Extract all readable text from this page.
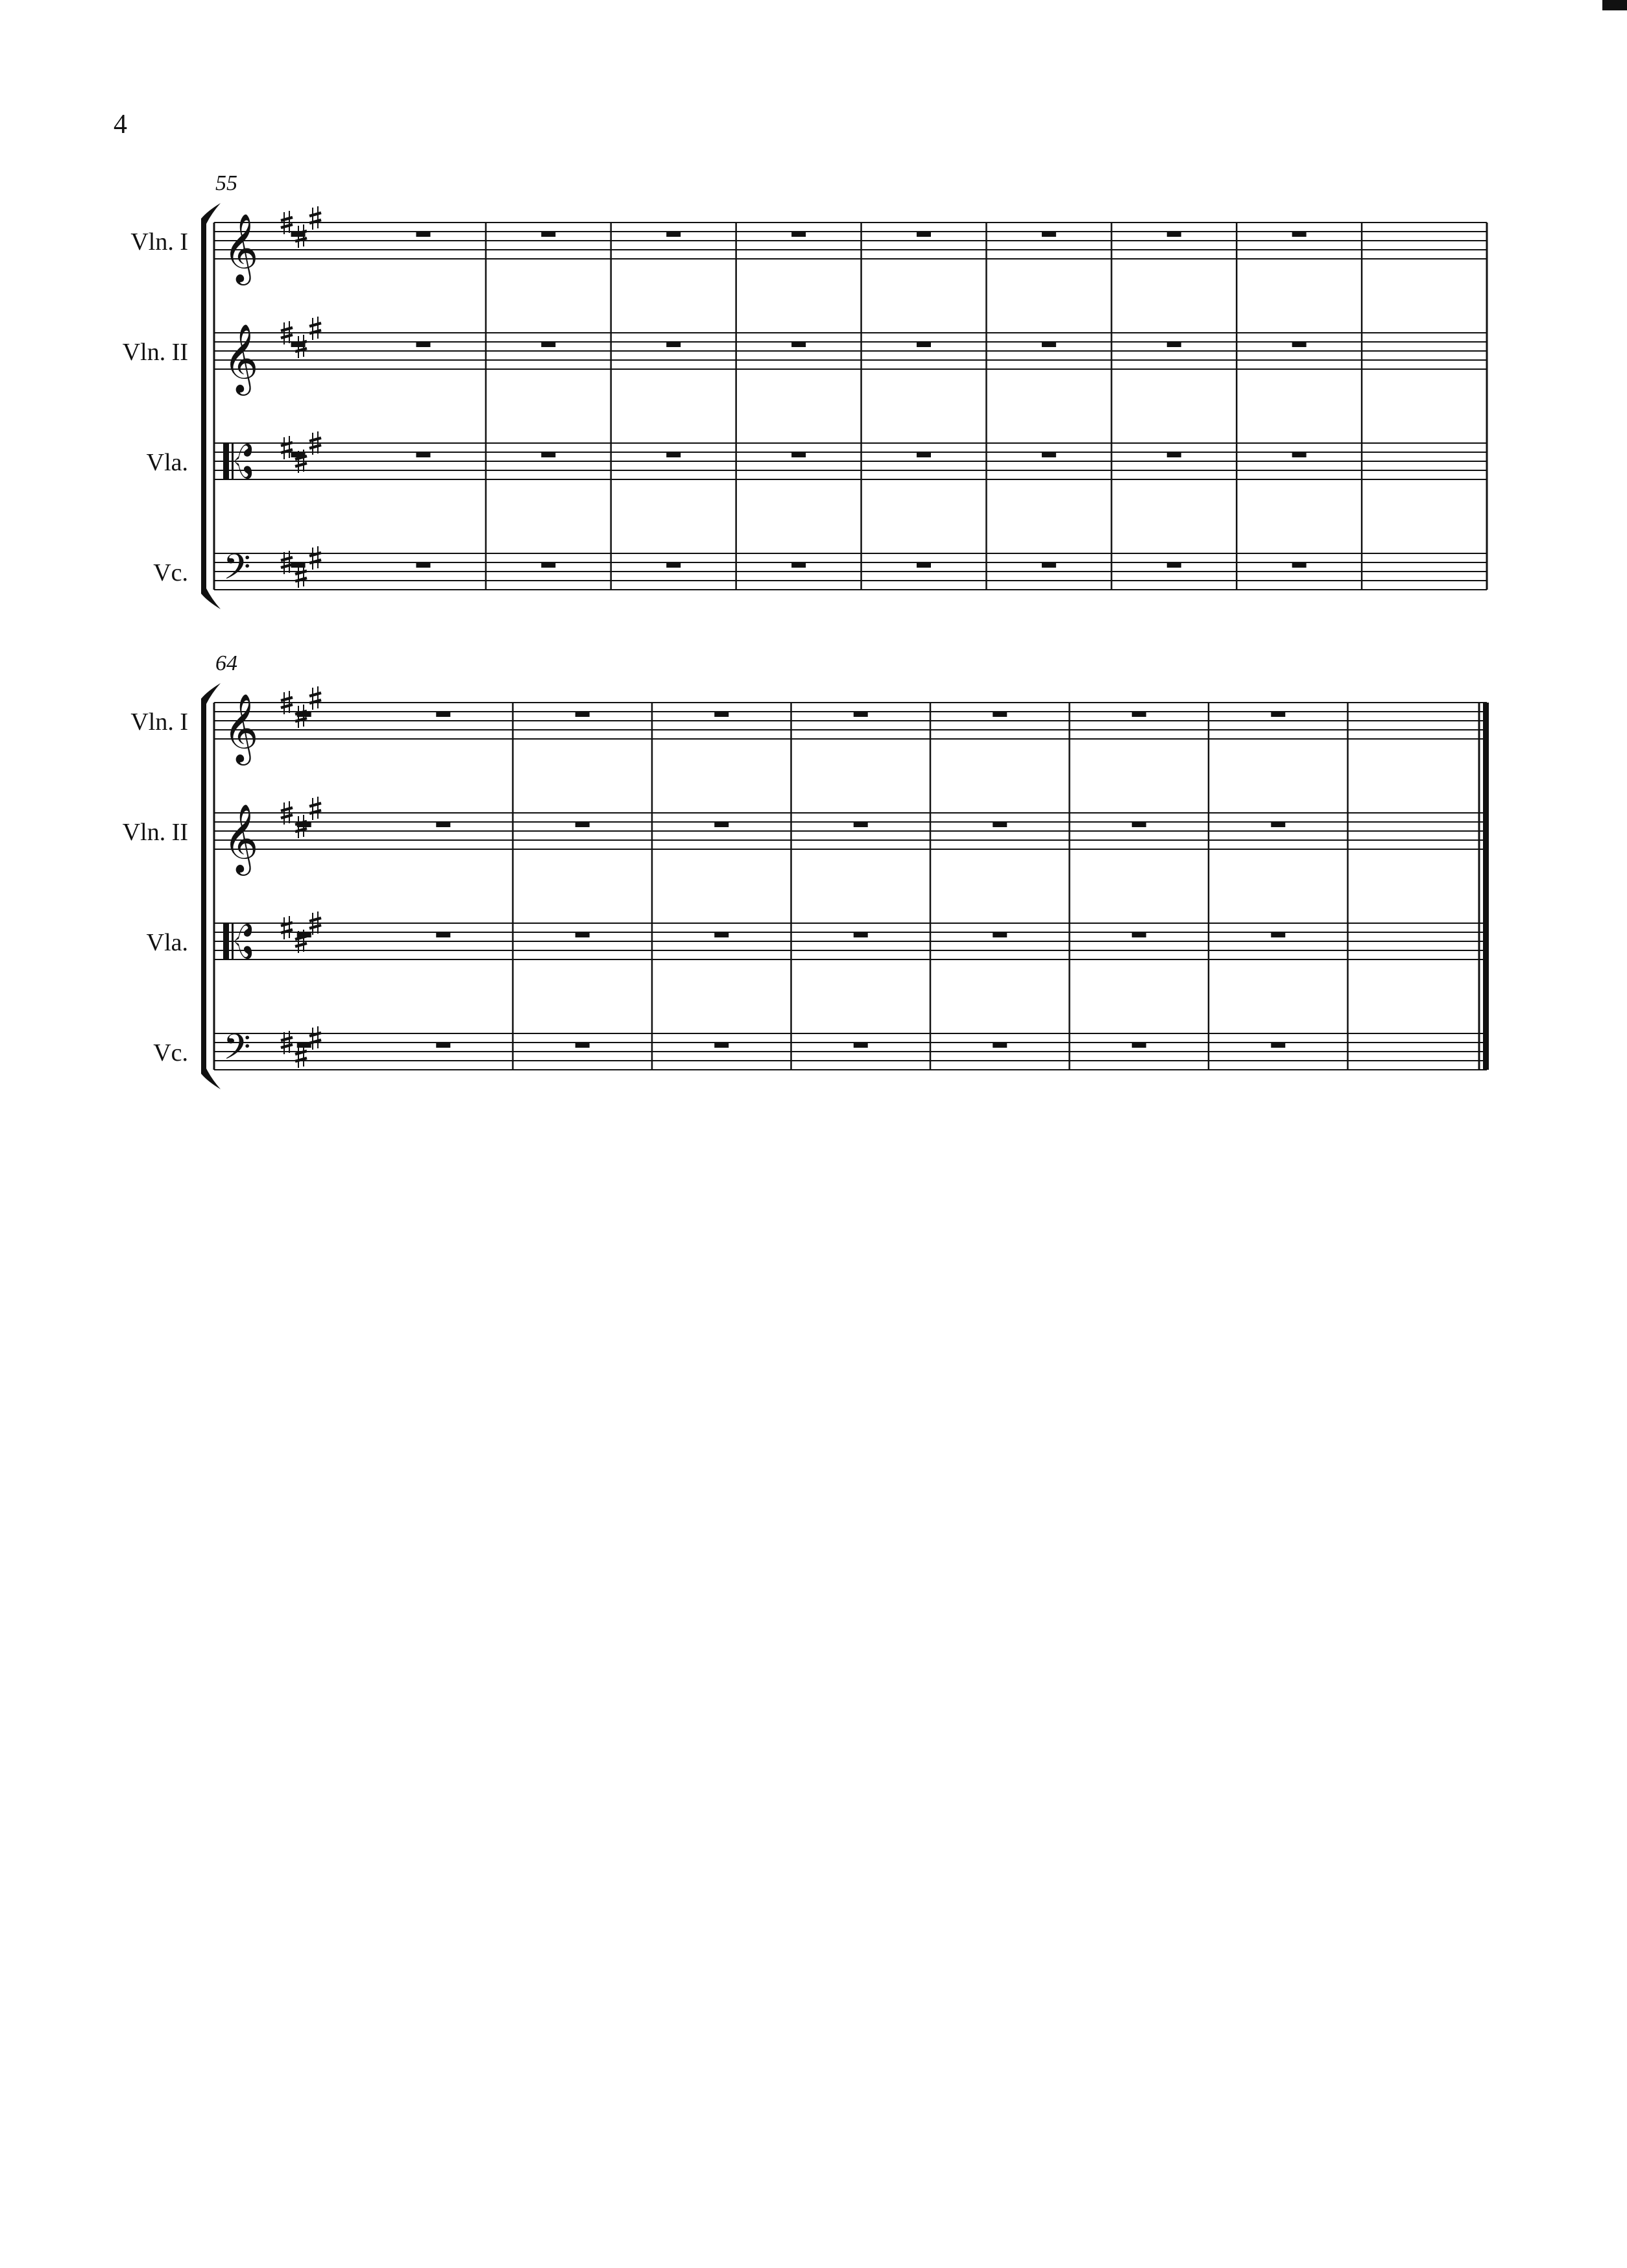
4
55
Vln. I 𝄞
Vln. II 𝄞
Vla.
Vc. 𝄢
64
Vln. I 𝄞
Vln. II 𝄞
Vla.
Vc. 𝄢
